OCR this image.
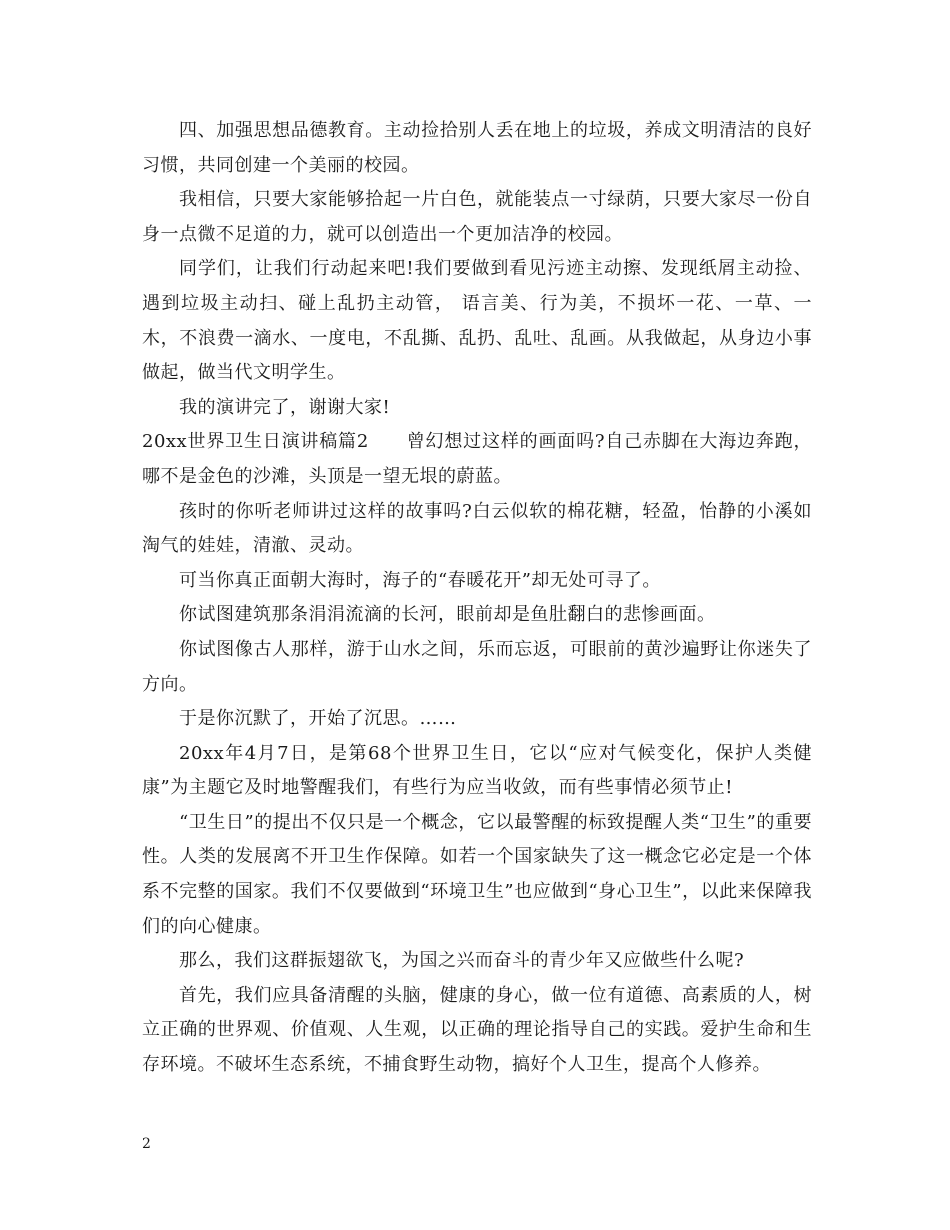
四、加强思想品德教育。主动捡拾别人丢在地上的垃圾，养成文明清洁的良好习惯，共同创建一个美丽的校园。

我相信，只要大家能够拾起一片白色，就能装点一寸绿荫，只要大家尽一份自身一点微不足道的力，就可以创造出一个更加洁净的校园。

同学们，让我们行动起来吧!我们要做到看见污迹主动擦、发现纸屑主动捡、遇到垃圾主动扫、碰上乱扔主动管， 语言美、行为美，不损坏一花、一草、一木，不浪费一滴水、一度电，不乱撕、乱扔、乱吐、乱画。从我做起，从身边小事做起，做当代文明学生。

我的演讲完了，谢谢大家!

20xx世界卫生日演讲稿篇2　　曾幻想过这样的画面吗?自己赤脚在大海边奔跑，哪不是金色的沙滩，头顶是一望无垠的蔚蓝。

孩时的你听老师讲过这样的故事吗?白云似软的棉花糖，轻盈，怡静的小溪如淘气的娃娃，清澈、灵动。

可当你真正面朝大海时，海子的“春暖花开”却无处可寻了。

你试图建筑那条涓涓流滴的长河，眼前却是鱼肚翻白的悲惨画面。

你试图像古人那样，游于山水之间，乐而忘返，可眼前的黄沙遍野让你迷失了方向。

于是你沉默了，开始了沉思。……

20xx年4月7日，是第68个世界卫生日，它以“应对气候变化，保护人类健康”为主题它及时地警醒我们，有些行为应当收敛，而有些事情必须节止!

“卫生日”的提出不仅只是一个概念，它以最警醒的标致提醒人类“卫生”的重要性。人类的发展离不开卫生作保障。如若一个国家缺失了这一概念它必定是一个体系不完整的国家。我们不仅要做到“环境卫生”也应做到“身心卫生”，以此来保障我们的向心健康。

那么，我们这群振翅欲飞，为国之兴而奋斗的青少年又应做些什么呢?

首先，我们应具备清醒的头脑，健康的身心，做一位有道德、高素质的人，树立正确的世界观、价值观、人生观，以正确的理论指导自己的实践。爱护生命和生存环境。不破坏生态系统，不捕食野生动物，搞好个人卫生，提高个人修养。

2
